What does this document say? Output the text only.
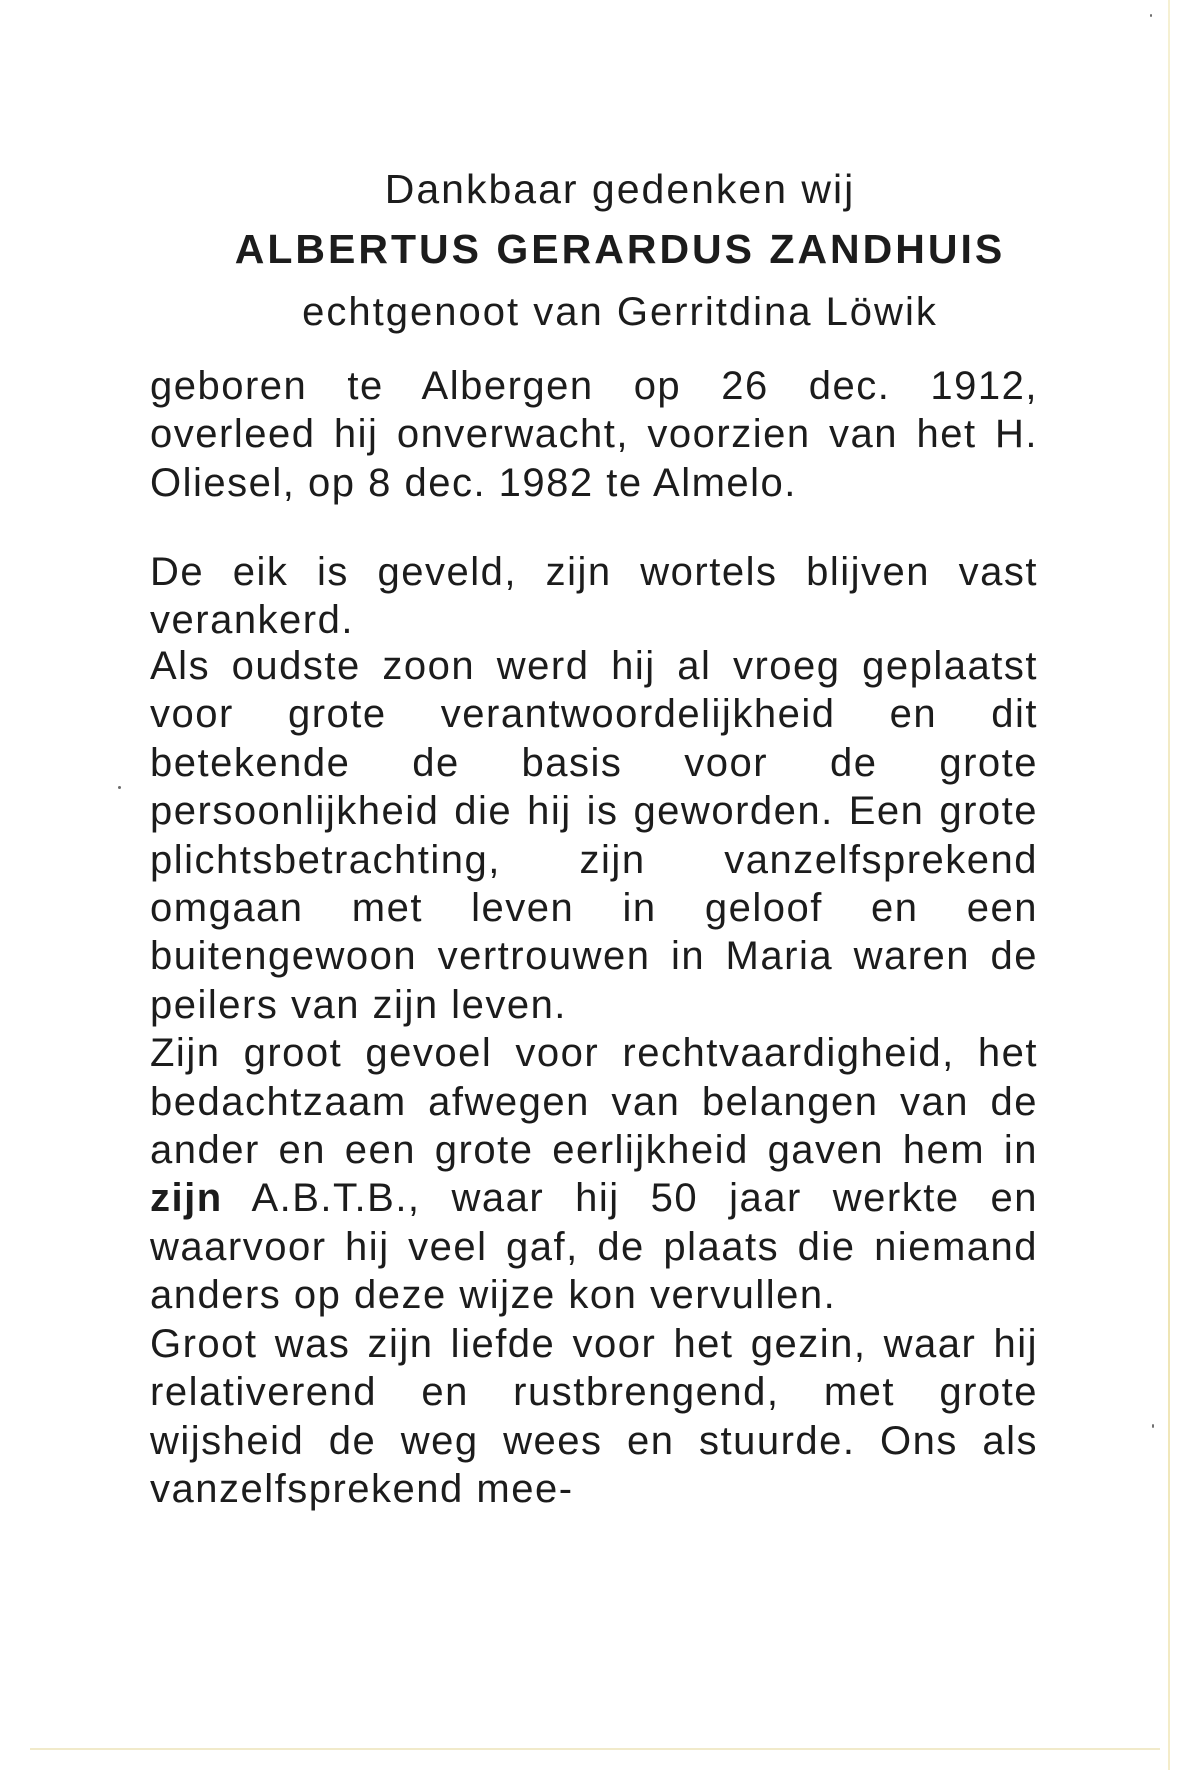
Dankbaar gedenken wij
ALBERTUS GERARDUS ZANDHUIS
echtgenoot van Gerritdina Löwik

geboren te Albergen op 26 dec. 1912, overleed hij onverwacht, voorzien van het H. Oliesel, op 8 dec. 1982 te Almelo.

De eik is geveld, zijn wortels blijven vast verankerd.

Als oudste zoon werd hij al vroeg geplaatst voor grote verantwoordelijkheid en dit betekende de basis voor de grote persoonlijkheid die hij is geworden. Een grote plichtsbetrachting, zijn vanzelfsprekend omgaan met leven in geloof en een buitengewoon vertrouwen in Maria waren de peilers van zijn leven.

Zijn groot gevoel voor rechtvaardigheid, het bedachtzaam afwegen van belangen van de ander en een grote eerlijkheid gaven hem in zijn A.B.T.B., waar hij 50 jaar werkte en waarvoor hij veel gaf, de plaats die niemand anders op deze wijze kon vervullen.

Groot was zijn liefde voor het gezin, waar hij relativerend en rustbrengend, met grote wijsheid de weg wees en stuurde. Ons als vanzelfsprekend mee-
